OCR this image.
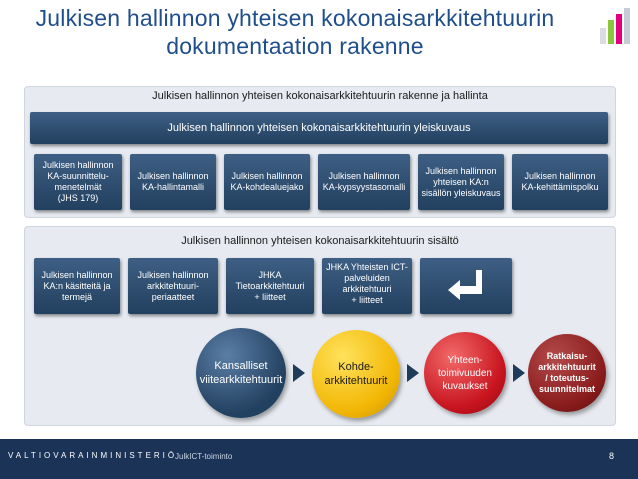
Julkisen hallinnon yhteisen kokonaisarkkitehtuurin
dokumentaation rakenne
Julkisen hallinnon yhteisen kokonaisarkkitehtuurin rakenne ja hallinta
Julkisen hallinnon yhteisen kokonaisarkkitehtuurin yleiskuvaus
Julkisen hallinnon
KA-suunnittelu-
menetelmät
(JHS 179)
Julkisen hallinnon
KA-hallintamalli
Julkisen hallinnon
KA-kohdealuejako
Julkisen hallinnon
KA-kypsyystasomalli
Julkisen hallinnon
yhteisen KA:n
sisällön yleiskuvaus
Julkisen hallinnon
KA-kehittämispolku
Julkisen hallinnon yhteisen kokonaisarkkitehtuurin sisältö
Julkisen hallinnon
KA:n käsitteitä ja
termejä
Julkisen hallinnon
arkkitehtuuri-
periaatteet
JHKA
Tietoarkkitehtuuri
+ liitteet
JHKA Yhteisten ICT-
palveluiden
arkkitehtuuri
+ liitteet
Kansalliset
viitearkkitehtuurit
Kohde-
arkkitehtuurit
Yhteen-
toimivuuden
kuvaukset
Ratkaisu-
arkkitehtuurit
/ toteutus-
suunnitelmat
VALTIOVARAINMINISTERIÖ
JulkICT-toiminto	8
